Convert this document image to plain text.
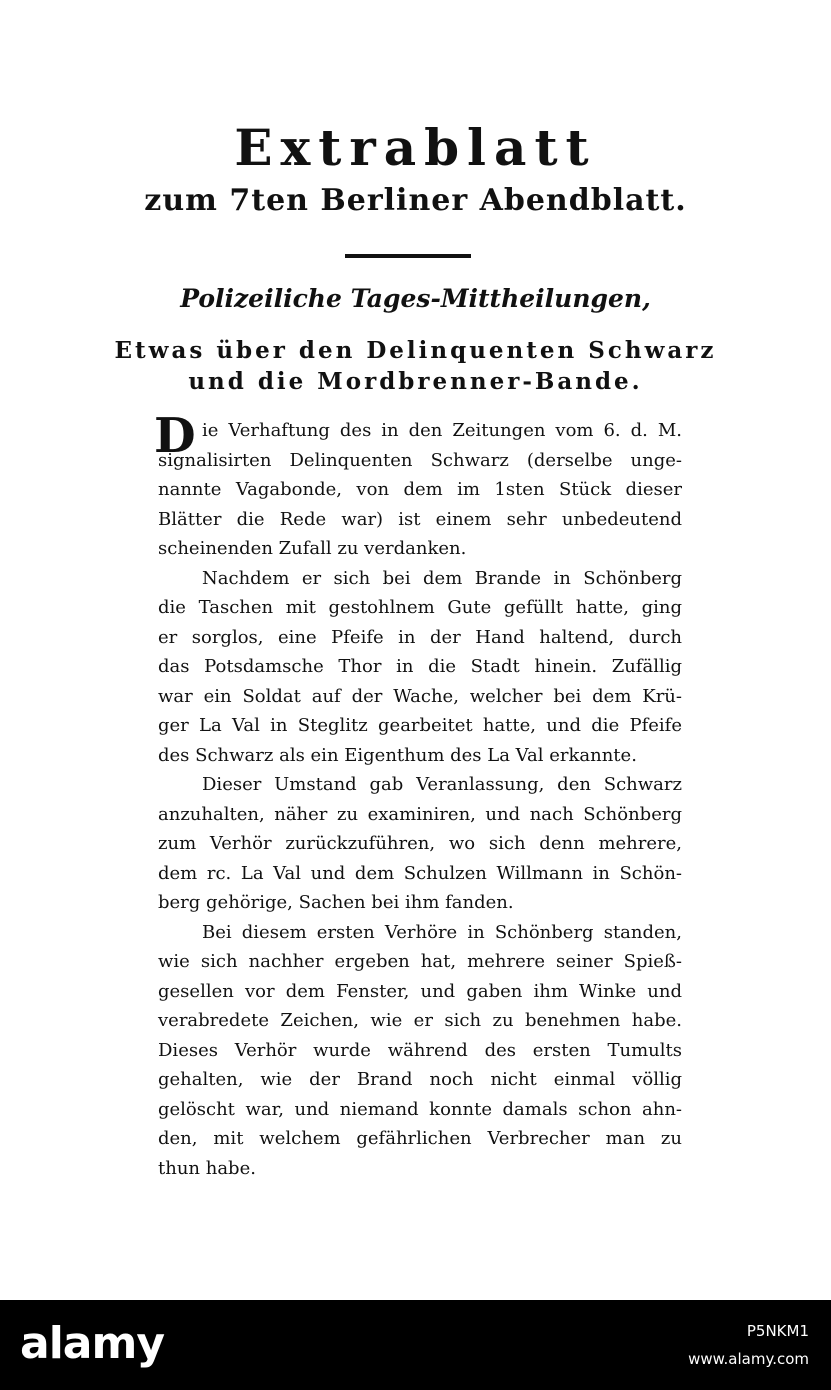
Extrablatt
zum 7ten Berliner Abendblatt.
Polizeiliche Tages-Mittheilungen,
Etwas über den Delinquenten Schwarz
und die Mordbrenner-Bande.
D ie Verhaftung des in den Zeitungen vom 6. d. M.
signalisirten Delinquenten Schwarz (derselbe unge-
nannte Vagabonde, von dem im 1sten Stück dieser
Blätter die Rede war) ist einem sehr unbedeutend
scheinenden Zufall zu verdanken.
Nachdem er sich bei dem Brande in Schönberg
die Taschen mit gestohlnem Gute gefüllt hatte, ging
er sorglos, eine Pfeife in der Hand haltend, durch
das Potsdamsche Thor in die Stadt hinein. Zufällig
war ein Soldat auf der Wache, welcher bei dem Krü-
ger La Val in Steglitz gearbeitet hatte, und die Pfeife
des Schwarz als ein Eigenthum des La Val erkannte.
Dieser Umstand gab Veranlassung, den Schwarz
anzuhalten, näher zu examiniren, und nach Schönberg
zum Verhör zurückzuführen, wo sich denn mehrere,
dem rc. La Val und dem Schulzen Willmann in Schön-
berg gehörige, Sachen bei ihm fanden.
Bei diesem ersten Verhöre in Schönberg standen,
wie sich nachher ergeben hat, mehrere seiner Spieß-
gesellen vor dem Fenster, und gaben ihm Winke und
verabredete Zeichen, wie er sich zu benehmen habe.
Dieses Verhör wurde während des ersten Tumults
gehalten, wie der Brand noch nicht einmal völlig
gelöscht war, und niemand konnte damals schon ahn-
den, mit welchem gefährlichen Verbrecher man zu
thun habe.
alamy	P5NKM1
www.alamy.com
